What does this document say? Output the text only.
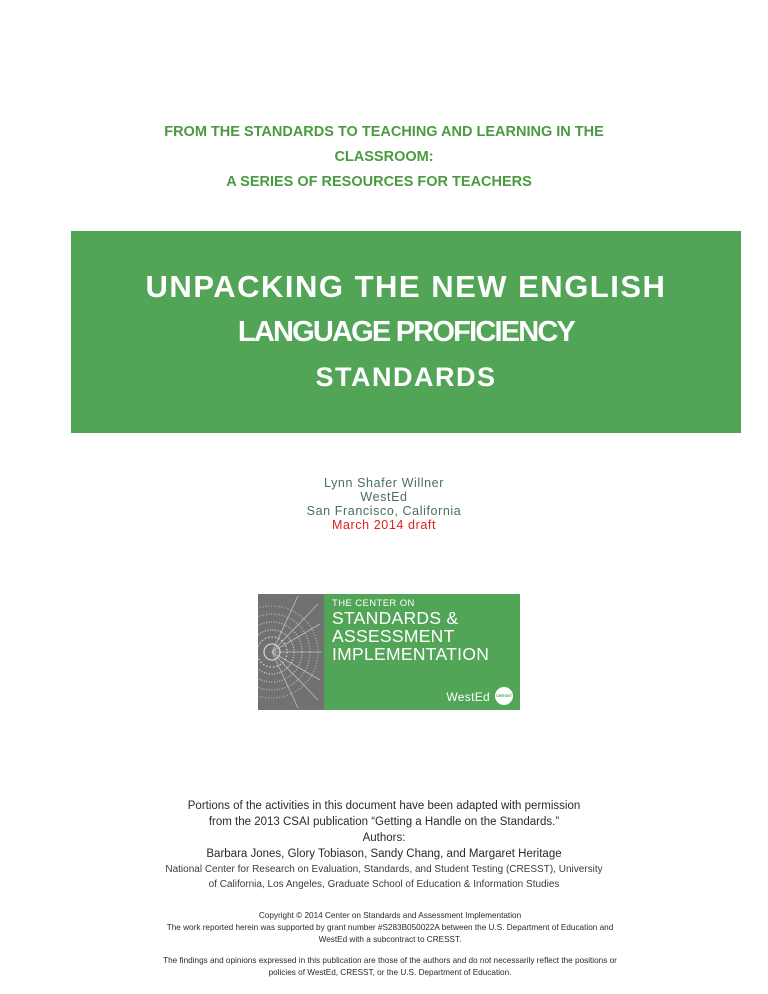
FROM THE STANDARDS TO TEACHING AND LEARNING IN THE
CLASSROOM:
A SERIES OF RESOURCES FOR TEACHERS
UNPACKING THE NEW ENGLISH
LANGUAGE PROFICIENCY
STANDARDS
Lynn Shafer Willner
WestEd
San Francisco, California
March 2014 draft
THE CENTER ON
STANDARDS &
ASSESSMENT
IMPLEMENTATION
WestEd CRESST
Portions of the activities in this document have been adapted with permission
from the 2013 CSAI publication “Getting a Handle on the Standards.”
Authors:
Barbara Jones, Glory Tobiason, Sandy Chang, and Margaret Heritage
National Center for Research on Evaluation, Standards, and Student Testing (CRESST), University
of California, Los Angeles, Graduate School of Education & Information Studies

Copyright © 2014 Center on Standards and Assessment Implementation

The work reported herein was supported by grant number #S283B050022A between the U.S. Department of Education and

WestEd with a subcontract to CRESST.

The findings and opinions expressed in this publication are those of the authors and do not necessarily reflect the positions or

policies of WestEd, CRESST, or the U.S. Department of Education.
